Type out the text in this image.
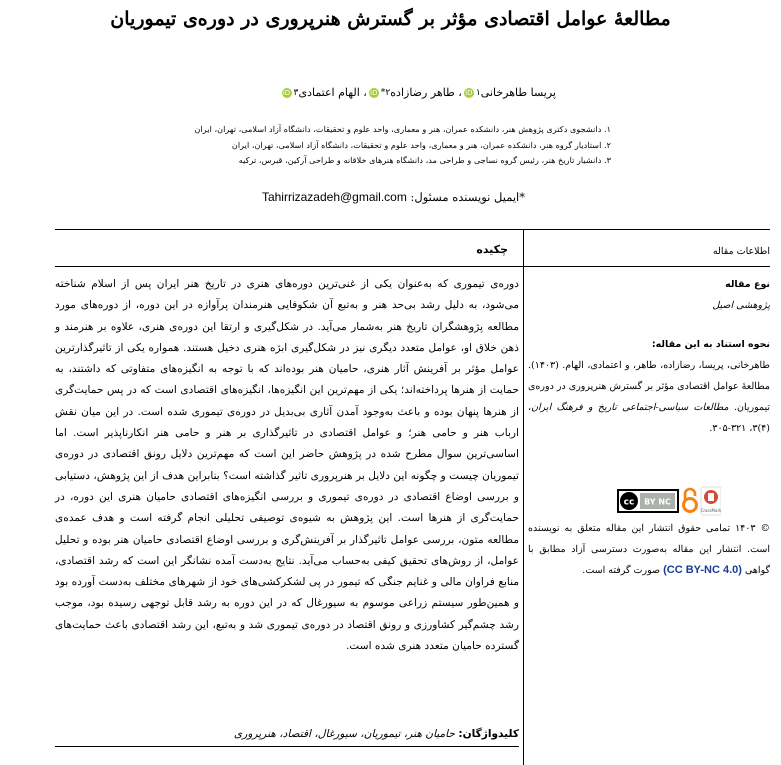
مطالعۀ عوامل اقتصادی مؤثر بر گسترش هنرپروری در دوره‌ی تیموریان
پریسا طاهرخانی
۱
iD
،
طاهر رضازاده
۲*
iD
،
الهام اعتمادی
۳
iD
۱. دانشجوی دکتری پژوهش هنر، دانشکده عمران، هنر و معماری، واحد علوم و تحقیقات، دانشگاه آزاد اسلامی، تهران، ایران
۲. استادیار گروه هنر، دانشکده عمران، هنر و معماری، واحد علوم و تحقیقات، دانشگاه آزاد اسلامی، تهران، ایران
۳. دانشیار تاریخ هنر، رئیس گروه نساجی و طراحی مد، دانشگاه هنرهای خلاقانه و طراحی آرکین، قبرس، ترکیه
*ایمیل نویسنده مسئول: Tahirrizazadeh@gmail.com
اطلاعات مقاله
نوع مقاله
پژوهشی اصیل
نحوه استناد به این مقاله:
طاهرخانی، پریسا، رضازاده، طاهر، و اعتمادی، الهام. (۱۴۰۳). مطالعهٔ عوامل اقتصادی مؤثر بر گسترش هنرپروری در دوره‌ی تیموریان. مطالعات سیاسی-اجتماعی تاریخ و فرهنگ ایران، (۴)۳، ۳۲۱-۳۰۵.
cc BY NC
CrossMark
© ۱۴۰۳ تمامی حقوق انتشار این مقاله متعلق به نویسنده است. انتشار این مقاله به‌صورت دسترسی آزاد مطابق با گواهی (CC BY-NC 4.0) صورت گرفته است.
چکیده
دوره‌ی تیموری که به‌عنوان یکی از غنی‌ترین دوره‌های هنری در تاریخ هنر ایران پس از اسلام شناخته می‌شود، به دلیل رشد بی‌حد هنر و به‌تبع آن شکوفایی هنرمندان پرآوازه در این دوره، از دوره‌های مورد مطالعه پژوهشگران تاریخ هنر به‌شمار می‌آید. در شکل‌گیری و ارتقا این دوره‌ی هنری، علاوه بر هنرمند و ذهن خلاق او، عوامل متعدد دیگری نیز در شکل‌گیری ابژه هنری دخیل هستند. همواره یکی از تاثیرگذارترین عوامل مؤثر بر آفرینش آثار هنری، حامیان هنر بوده‌اند که با توجه به انگیزه‌های متفاوتی که داشتند، به حمایت از هنرها پرداخته‌اند؛ یکی از مهم‌ترین این انگیزه‌ها، انگیزه‌های اقتصادی است که در پس حمایت‌گری از هنرها پنهان بوده و باعث به‌وجود آمدن آثاری بی‌بدیل در دوره‌ی تیموری شده است. در این میان نقش ارباب هنر و حامی هنر؛ و عوامل اقتصادی در تاثیرگذاری بر هنر و حامی هنر انکارناپذیر است. اما اساسی‌ترین سوال مطرح شده در پژوهش حاضر این است که مهم‌ترین دلایل رونق اقتصادی در دوره‌ی تیموریان چیست و چگونه این دلایل بر هنرپروری تاثیر گذاشته است؟ بنابراین هدف از این پژوهش، دستیابی و بررسی اوضاع اقتصادی در دوره‌ی تیموری و بررسی انگیزه‌های اقتصادی حامیان هنری این دوره، در حمایت‌گری از هنرها است. این پژوهش به شیوه‌ی توصیفی تحلیلی انجام گرفته است و هدف عمده‌ی مطالعه متون، بررسی عوامل تاثیرگذار بر آفرینش‌گری و بررسی اوضاع اقتصادی حامیان هنر بوده و تحلیل عوامل، از روش‌های تحقیق کیفی به‌حساب می‌آید. نتایج به‌دست آمده نشانگر این است که رشد اقتصادی، منابع فراوان مالی و غنایم جنگی که تیمور در پی لشکرکشی‌های خود از شهرهای مختلف به‌دست آورده بود و همین‌طور سیستم زراعی موسوم به سیورغال که در این دوره به رشد قابل توجهی رسیده بود، موجب رشد چشم‌گیر کشاورزی و رونق اقتصاد در دوره‌ی تیموری شد و به‌تبع، این رشد اقتصادی باعث حمایت‌های گسترده حامیان متعدد هنری شده است.
کلیدواژگان: حامیان هنر، تیموریان، سیورغال، اقتصاد، هنرپروری
